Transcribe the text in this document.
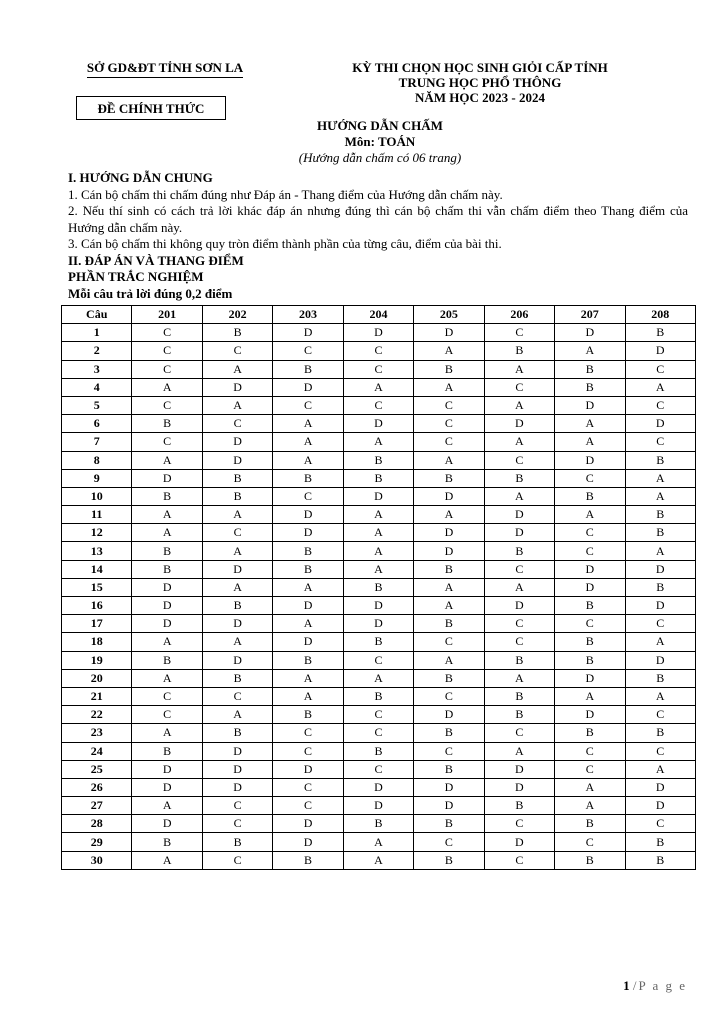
SỞ GD&ĐT TỈNH SƠN LA
ĐỀ CHÍNH THỨC
KỲ THI CHỌN HỌC SINH GIỎI CẤP TỈNH
TRUNG HỌC PHỔ THÔNG
NĂM HỌC 2023 - 2024
HƯỚNG DẪN CHẤM
Môn: TOÁN
(Hướng dẫn chấm có 06 trang)
I. HƯỚNG DẪN CHUNG

1. Cán bộ chấm thi chấm đúng như Đáp án - Thang điểm của Hướng dẫn chấm này.

2. Nếu thí sinh có cách trả lời khác đáp án nhưng đúng thì cán bộ chấm thi vẫn chấm điểm theo Thang điểm của Hướng dẫn chấm này.

3. Cán bộ chấm thi không quy tròn điểm thành phần của từng câu, điểm của bài thi.

II. ĐÁP ÁN VÀ THANG ĐIỂM
PHẦN TRẮC NGHIỆM
Mỗi câu trả lời đúng 0,2 điểm
Câu	201	202	203	204	205	206	207	208
1	C	B	D	D	D	C	D	B
2	C	C	C	C	A	B	A	D
3	C	A	B	C	B	A	B	C
4	A	D	D	A	A	C	B	A
5	C	A	C	C	C	A	D	C
6	B	C	A	D	C	D	A	D
7	C	D	A	A	C	A	A	C
8	A	D	A	B	A	C	D	B
9	D	B	B	B	B	B	C	A
10	B	B	C	D	D	A	B	A
11	A	A	D	A	A	D	A	B
12	A	C	D	A	D	D	C	B
13	B	A	B	A	D	B	C	A
14	B	D	B	A	B	C	D	D
15	D	A	A	B	A	A	D	B
16	D	B	D	D	A	D	B	D
17	D	D	A	D	B	C	C	C
18	A	A	D	B	C	C	B	A
19	B	D	B	C	A	B	B	D
20	A	B	A	A	B	A	D	B
21	C	C	A	B	C	B	A	A
22	C	A	B	C	D	B	D	C
23	A	B	C	C	B	C	B	B
24	B	D	C	B	C	A	C	C
25	D	D	D	C	B	D	C	A
26	D	D	C	D	D	D	A	D
27	A	C	C	D	D	B	A	D
28	D	C	D	B	B	C	B	C
29	B	B	D	A	C	D	C	B
30	A	C	B	A	B	C	B	B
1 /P a g e
